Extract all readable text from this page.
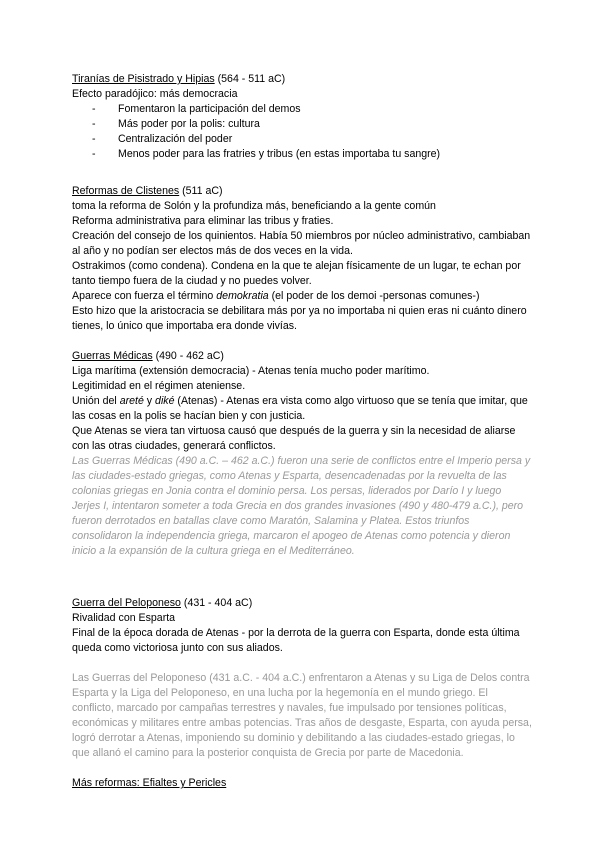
Tiranías de Pisistrado y Hipias (564 - 511 aC)

Efecto paradójico: más democracia

- Fomentaron la participación del demos
- Más poder por la polis: cultura
- Centralización del poder
- Menos poder para las fratries y tribus (en estas importaba tu sangre)

Reformas de Clistenes (511 aC)

toma la reforma de Solón y la profundiza más, beneficiando a la gente común

Reforma administrativa para eliminar las tribus y fraties.

Creación del consejo de los quinientos. Había 50 miembros por núcleo administrativo, cambiaban al año y no podían ser electos más de dos veces en la vida.

Ostrakimos (como condena). Condena en la que te alejan físicamente de un lugar, te echan por tanto tiempo fuera de la ciudad y no puedes volver.

Aparece con fuerza el término demokratia (el poder de los demoi -personas comunes-)

Esto hizo que la aristocracia se debilitara más por ya no importaba ni quien eras ni cuánto dinero tienes, lo único que importaba era donde vivías.

Guerras Médicas (490 - 462 aC)

Liga marítima (extensión democracia) - Atenas tenía mucho poder marítimo.

Legitimidad en el régimen ateniense.

Unión del areté y diké (Atenas) - Atenas era vista como algo virtuoso que se tenía que imitar, que las cosas en la polis se hacían bien y con justicia.

Que Atenas se viera tan virtuosa causó que después de la guerra y sin la necesidad de aliarse con las otras ciudades, generará conflictos.

Las Guerras Médicas (490 a.C. – 462 a.C.) fueron una serie de conflictos entre el Imperio persa y las ciudades-estado griegas, como Atenas y Esparta, desencadenadas por la revuelta de las colonias griegas en Jonia contra el dominio persa. Los persas, liderados por Darío I y luego Jerjes I, intentaron someter a toda Grecia en dos grandes invasiones (490 y 480-479 a.C.), pero fueron derrotados en batallas clave como Maratón, Salamina y Platea. Estos triunfos consolidaron la independencia griega, marcaron el apogeo de Atenas como potencia y dieron inicio a la expansión de la cultura griega en el Mediterráneo.

Guerra del Peloponeso (431 - 404 aC)

Rivalidad con Esparta

Final de la época dorada de Atenas - por la derrota de la guerra con Esparta, donde esta última queda como victoriosa junto con sus aliados.

Las Guerras del Peloponeso (431 a.C. - 404 a.C.) enfrentaron a Atenas y su Liga de Delos contra Esparta y la Liga del Peloponeso, en una lucha por la hegemonía en el mundo griego. El conflicto, marcado por campañas terrestres y navales, fue impulsado por tensiones políticas, económicas y militares entre ambas potencias. Tras años de desgaste, Esparta, con ayuda persa, logró derrotar a Atenas, imponiendo su dominio y debilitando a las ciudades-estado griegas, lo que allanó el camino para la posterior conquista de Grecia por parte de Macedonia.

Más reformas: Efialtes y Pericles
